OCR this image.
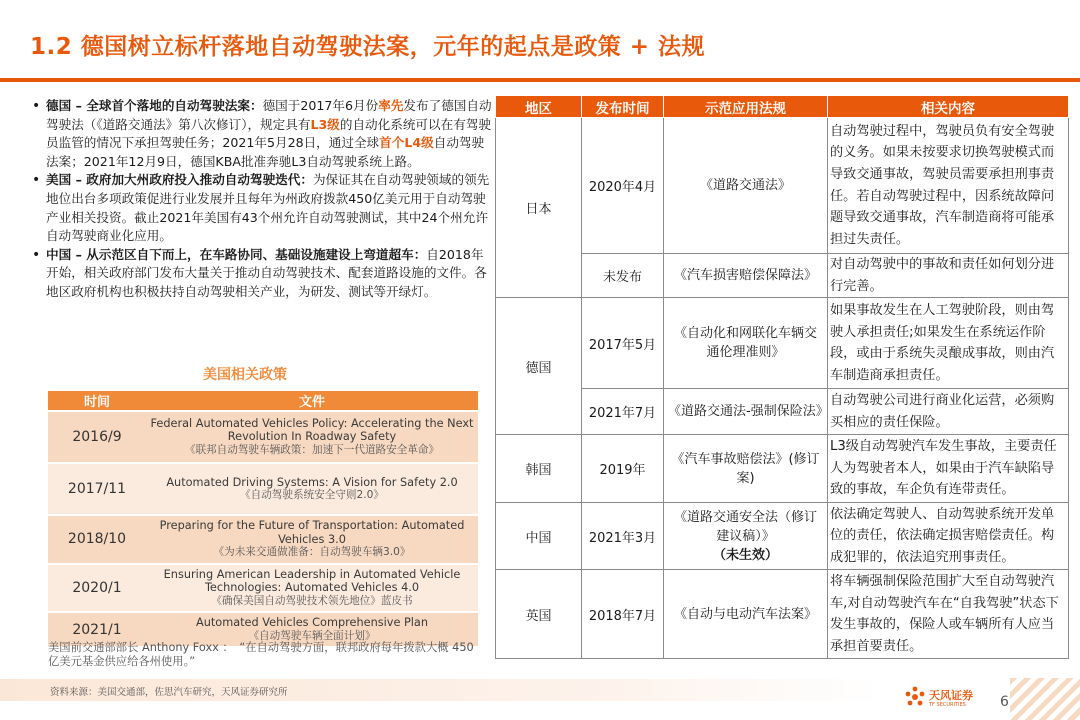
1.2 德国树立标杆落地自动驾驶法案，元年的起点是政策 + 法规
• 德国 – 全球首个落地的自动驾驶法案：德国于2017年6月份率先发布了德国自动驾驶法（《道路交通法》第八次修订），规定具有L3级的自动化系统可以在有驾驶员监管的情况下承担驾驶任务；2021年5月28日，通过全球首个L4级自动驾驶法案；2021年12月9日，德国KBA批准奔驰L3自动驾驶系统上路。
• 美国 – 政府加大州政府投入推动自动驾驶迭代：为保证其在自动驾驶领域的领先地位出台多项政策促进行业发展并且每年为州政府拨款450亿美元用于自动驾驶产业相关投资。截止2021年美国有43个州允许自动驾驶测试，其中24个州允许自动驾驶商业化应用。
• 中国 – 从示范区自下而上，在车路协同、基础设施建设上弯道超车：自2018年开始，相关政府部门发布大量关于推动自动驾驶技术、配套道路设施的文件。各地区政府机构也积极扶持自动驾驶相关产业，为研发、测试等开绿灯。
美国相关政策
时间	文件
2016/9	Federal Automated Vehicles Policy: Accelerating the Next Revolution In Roadway Safety
《联邦自动驾驶车辆政策：加速下一代道路安全革命》

2017/11	Automated Driving Systems: A Vision for Safety 2.0
《自动驾驶系统安全守则2.0》

2018/10	Preparing for the Future of Transportation: Automated Vehicles 3.0
《为未来交通做准备：自动驾驶车辆3.0》

2020/1	Ensuring American Leadership in Automated Vehicle Technologies: Automated Vehicles 4.0
《确保美国自动驾驶技术领先地位》蓝皮书

2021/1	Automated Vehicles Comprehensive Plan
《自动驾驶车辆全面计划》
美国前交通部部长 Anthony Foxx ：　“在自动驾驶方面，联邦政府每年拨款大概 450 亿美元基金供应给各州使用。”
地区	发布时间	示范应用法规	相关内容
日本	2020年4月	《道路交通法》	自动驾驶过程中，驾驶员负有安全驾驶的义务。如果未按要求切换驾驶模式而导致交通事故，驾驶员需要承担刑事责任。若自动驾驶过程中，因系统故障问题导致交通事故，汽车制造商将可能承担过失责任。
	未发布	《汽车损害赔偿保障法》	对自动驾驶中的事故和责任如何划分进行完善。
德国	2017年5月	《自动化和网联化车辆交通伦理准则》	如果事故发生在人工驾驶阶段，则由驾驶人承担责任;如果发生在系统运作阶段，或由于系统失灵酿成事故，则由汽车制造商承担责任。
	2021年7月	《道路交通法-强制保险法》	自动驾驶公司进行商业化运营，必须购买相应的责任保险。
韩国	2019年	《汽车事故赔偿法》(修订案)	L3级自动驾驶汽车发生事故，主要责任人为驾驶者本人，如果由于汽车缺陷导致的事故，车企负有连带责任。
中国	2021年3月	《道路交通安全法（修订建议稿）》
（未生效）	依法确定驾驶人、自动驾驶系统开发单位的责任，依法确定损害赔偿责任。构成犯罪的，依法追究刑事责任。
英国	2018年7月	《自动与电动汽车法案》	将车辆强制保险范围扩大至自动驾驶汽车,对自动驾驶汽车在“自我驾驶”状态下发生事故的，保险人或车辆所有人应当承担首要责任。
资料来源：美国交通部，佐思汽车研究，天风证券研究所	天风证券
TF SECURITIES 6
